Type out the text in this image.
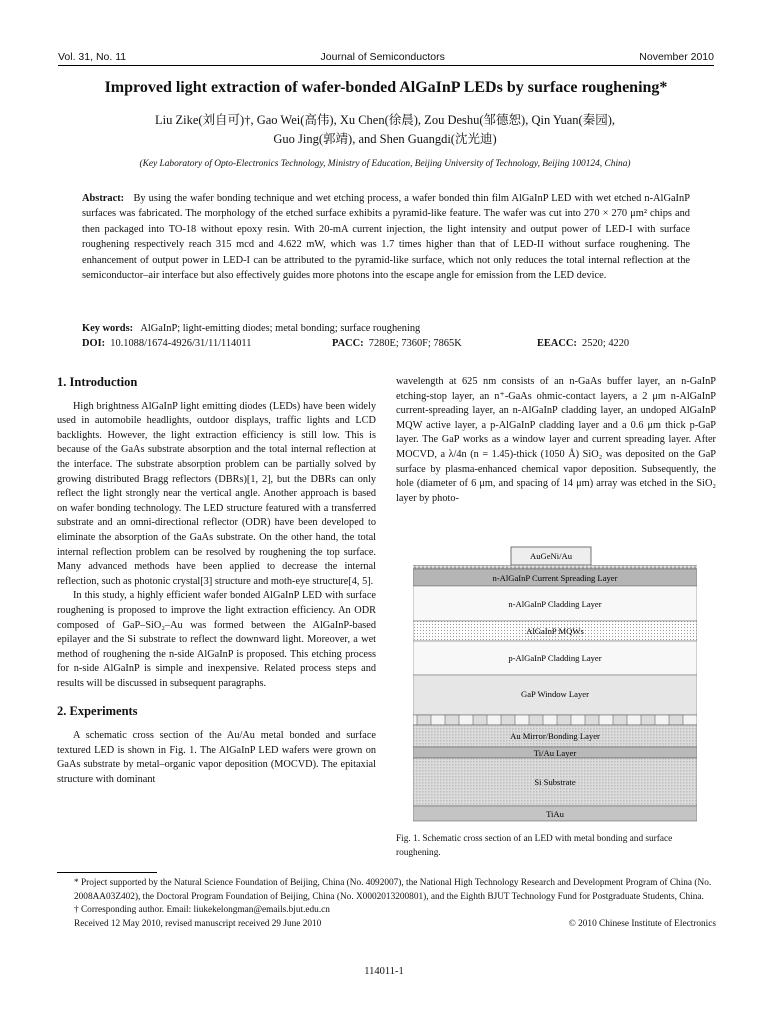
Vol. 31, No. 11	Journal of Semiconductors	November 2010
Improved light extraction of wafer-bonded AlGaInP LEDs by surface roughening*
Liu Zike(刘自可)†, Gao Wei(高伟), Xu Chen(徐晨), Zou Deshu(邹德恕), Qin Yuan(秦园),
Guo Jing(郭靖), and Shen Guangdi(沈光迪)
(Key Laboratory of Opto-Electronics Technology, Ministry of Education, Beijing University of Technology, Beijing 100124, China)
Abstract: By using the wafer bonding technique and wet etching process, a wafer bonded thin film AlGaInP LED with wet etched n-AlGaInP surfaces was fabricated. The morphology of the etched surface exhibits a pyramid-like feature. The wafer was cut into 270 × 270 μm² chips and then packaged into TO-18 without epoxy resin. With 20-mA current injection, the light intensity and output power of LED-I with surface roughening respectively reach 315 mcd and 4.622 mW, which was 1.7 times higher than that of LED-II without surface roughening. The enhancement of output power in LED-I can be attributed to the pyramid-like surface, which not only reduces the total internal reflection at the semiconductor–air interface but also effectively guides more photons into the escape angle for emission from the LED device.
Key words: AlGaInP; light-emitting diodes; metal bonding; surface roughening
DOI: 10.1088/1674-4926/31/11/114011	PACC: 7280E; 7360F; 7865K	EEACC: 2520; 4220
1. Introduction

High brightness AlGaInP light emitting diodes (LEDs) have been widely used in automobile headlights, outdoor displays, traffic lights and LCD backlights. However, the light extraction efficiency is still low. This is because of the GaAs substrate absorption and the total internal reflection at the interface. The substrate absorption problem can be partially solved by growing distributed Bragg reflectors (DBRs)[1, 2], but the DBRs can only reflect the light strongly near the vertical angle. Another approach is based on wafer bonding technology. The LED structure featured with a transferred substrate and an omni-directional reflector (ODR) have been developed to eliminate the absorption of the GaAs substrate. On the other hand, the total internal reflection problem can be resolved by roughening the top surface. Many advanced methods have been applied to decrease the internal reflection, such as photonic crystal[3] structure and moth-eye structure[4, 5].

In this study, a highly efficient wafer bonded AlGaInP LED with surface roughening is proposed to improve the light extraction efficiency. An ODR composed of GaP–SiO₂–Au was formed between the AlGaInP-based epilayer and the Si substrate to reflect the downward light. Moreover, a wet method of roughening the n-side AlGaInP is proposed. This etching process for n-side AlGaInP is simple and inexpensive. Related process steps and results will be discussed in subsequent paragraphs.

2. Experiments

A schematic cross section of the Au/Au metal bonded and surface textured LED is shown in Fig. 1. The AlGaInP LED wafers were grown on GaAs substrate by metal–organic vapor deposition (MOCVD). The epitaxial structure with dominant

wavelength at 625 nm consists of an n-GaAs buffer layer, an n-GaInP etching-stop layer, an n⁺-GaAs ohmic-contact layers, a 2 μm n-AlGaInP current-spreading layer, an n-AlGaInP cladding layer, an undoped AlGaInP MQW active layer, a p-AlGaInP cladding layer and a 0.6 μm thick p-GaP layer. The GaP works as a window layer and current spreading layer. After MOCVD, a λ/4n (n = 1.45)-thick (1050 Å) SiO₂ was deposited on the GaP surface by plasma-enhanced chemical vapor deposition. Subsequently, the hole (diameter of 6 μm, and spacing of 14 μm) array was etched in the SiO₂ layer by photo-

AuGeNi/Au
n-AlGaInP Current Spreading Layer
n-AlGaInP Cladding Layer
AlGaInP MQWs
p-AlGaInP Cladding Layer
GaP Window Layer
Au Mirror/Bonding Layer
Ti/Au Layer
Si Substrate
TiAu
Fig. 1. Schematic cross section of an LED with metal bonding and surface roughening.
* Project supported by the Natural Science Foundation of Beijing, China (No. 4092007), the National High Technology Research and Development Program of China (No. 2008AA03Z402), the Doctoral Program Foundation of Beijing, China (No. X0002013200801), and the Eighth BJUT Technology Fund for Postgraduate Students, China.
† Corresponding author. Email: liukekelongman@emails.bjut.edu.cn
Received 12 May 2010, revised manuscript received 29 June 2010	© 2010 Chinese Institute of Electronics
114011-1
